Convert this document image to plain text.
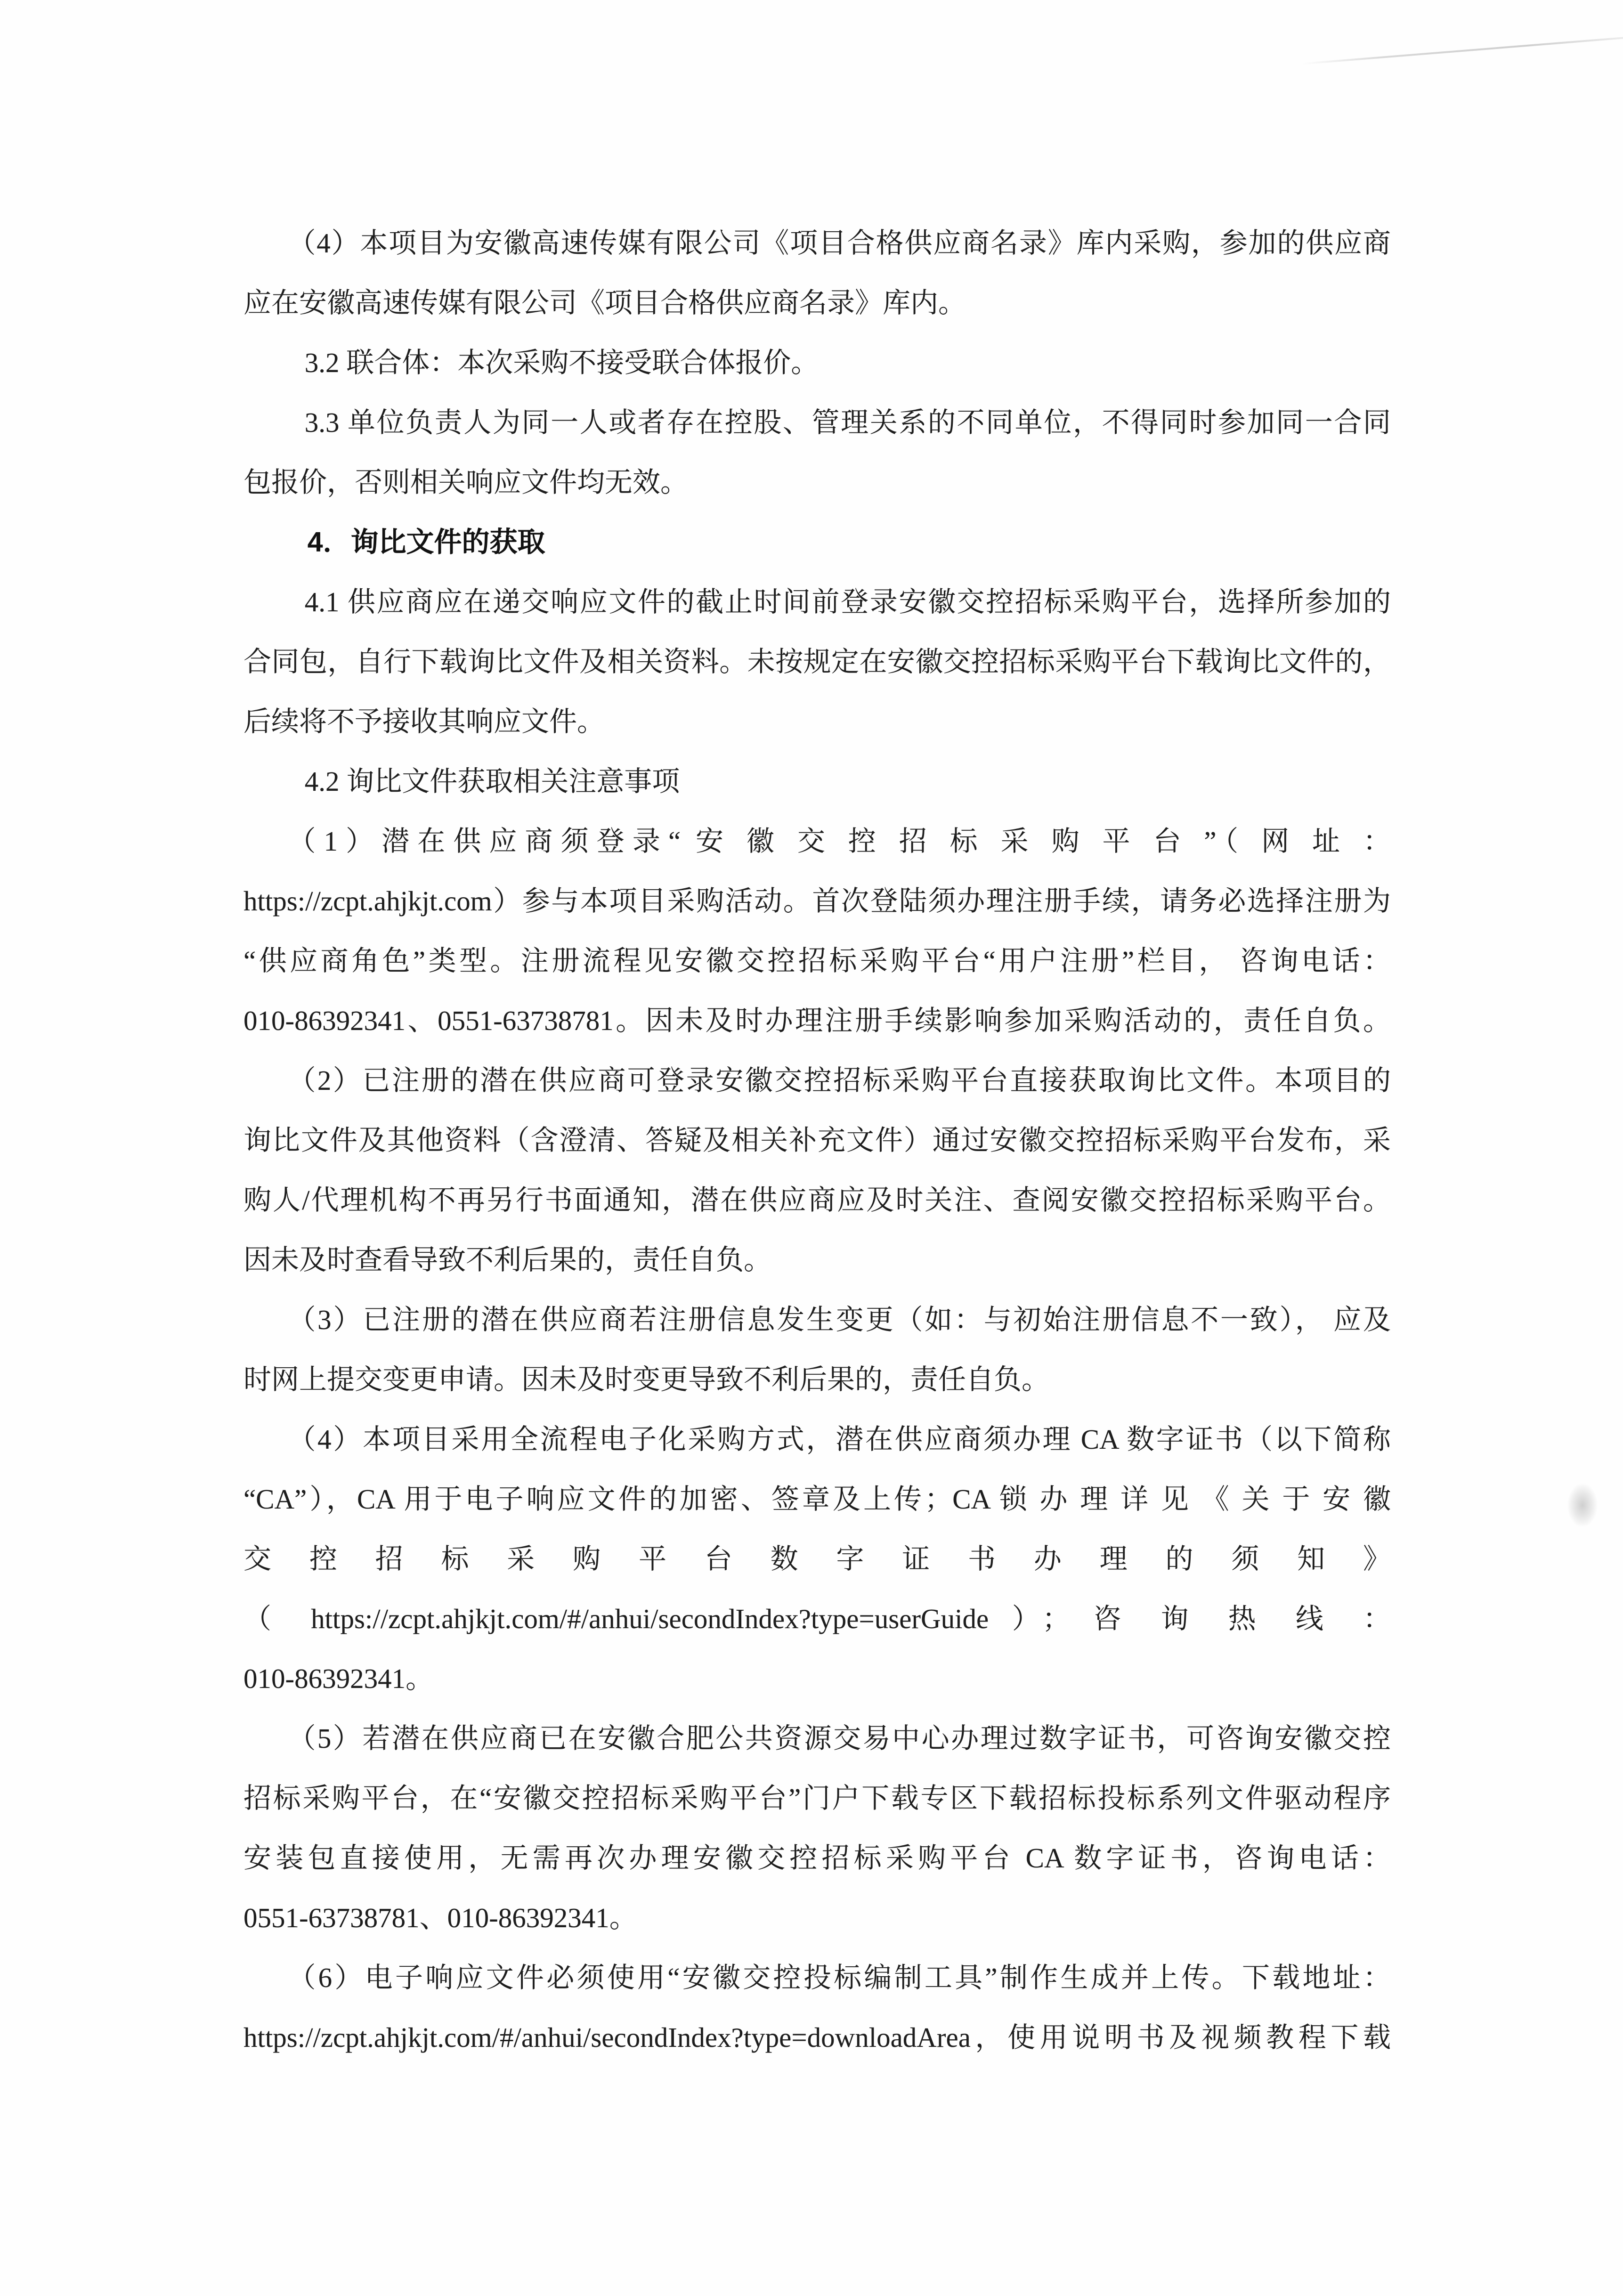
（4）本项目为安徽高速传媒有限公司《项目合格供应商名录》库内采购，参加的供应商
应在安徽高速传媒有限公司《项目合格供应商名录》库内。
3.2 联合体：本次采购不接受联合体报价。
3.3 单位负责人为同一人或者存在控股、管理关系的不同单位，不得同时参加同一合同
包报价，否则相关响应文件均无效。
4．询比文件的获取
4.1 供应商应在递交响应文件的截止时间前登录安徽交控招标采购平台，选择所参加的
合同包，自行下载询比文件及相关资料。未按规定在安徽交控招标采购平台下载询比文件的，
后续将不予接收其响应文件。
4.2 询比文件获取相关注意事项
（1）潜在供应商须登录“ 安 徽 交 控 招 标 采 购 平 台 ”（ 网 址 ：
https://zcpt.ahjkjt.com）参与本项目采购活动。首次登陆须办理注册手续，请务必选择注册为
“供应商角色”类型。注册流程见安徽交控招标采购平台“用户注册”栏目， 咨询电话：
010-86392341、0551-63738781。因未及时办理注册手续影响参加采购活动的，责任自负。
（2）已注册的潜在供应商可登录安徽交控招标采购平台直接获取询比文件。本项目的
询比文件及其他资料（含澄清、答疑及相关补充文件）通过安徽交控招标采购平台发布，采
购人/代理机构不再另行书面通知，潜在供应商应及时关注、查阅安徽交控招标采购平台。
因未及时查看导致不利后果的，责任自负。
（3）已注册的潜在供应商若注册信息发生变更（如：与初始注册信息不一致）， 应及
时网上提交变更申请。因未及时变更导致不利后果的，责任自负。
（4）本项目采用全流程电子化采购方式，潜在供应商须办理 CA 数字证书（以下简称
“CA”），CA 用于电子响应文件的加密、签章及上传；CA 锁 办 理 详 见 《 关 于 安 徽
交 控 招 标 采 购 平 台 数 字 证 书 办 理 的 须 知 》
（ https://zcpt.ahjkjt.com/#/anhui/secondIndex?type=userGuide ）； 咨 询 热 线 ：
010-86392341。
（5）若潜在供应商已在安徽合肥公共资源交易中心办理过数字证书，可咨询安徽交控
招标采购平台，在“安徽交控招标采购平台”门户下载专区下载招标投标系列文件驱动程序
安装包直接使用，无需再次办理安徽交控招标采购平台 CA 数字证书，咨询电话：
0551-63738781、010-86392341。
（6）电子响应文件必须使用“安徽交控投标编制工具”制作生成并上传。下载地址：
https://zcpt.ahjkjt.com/#/anhui/secondIndex?type=downloadArea，使用说明书及视频教程下载
